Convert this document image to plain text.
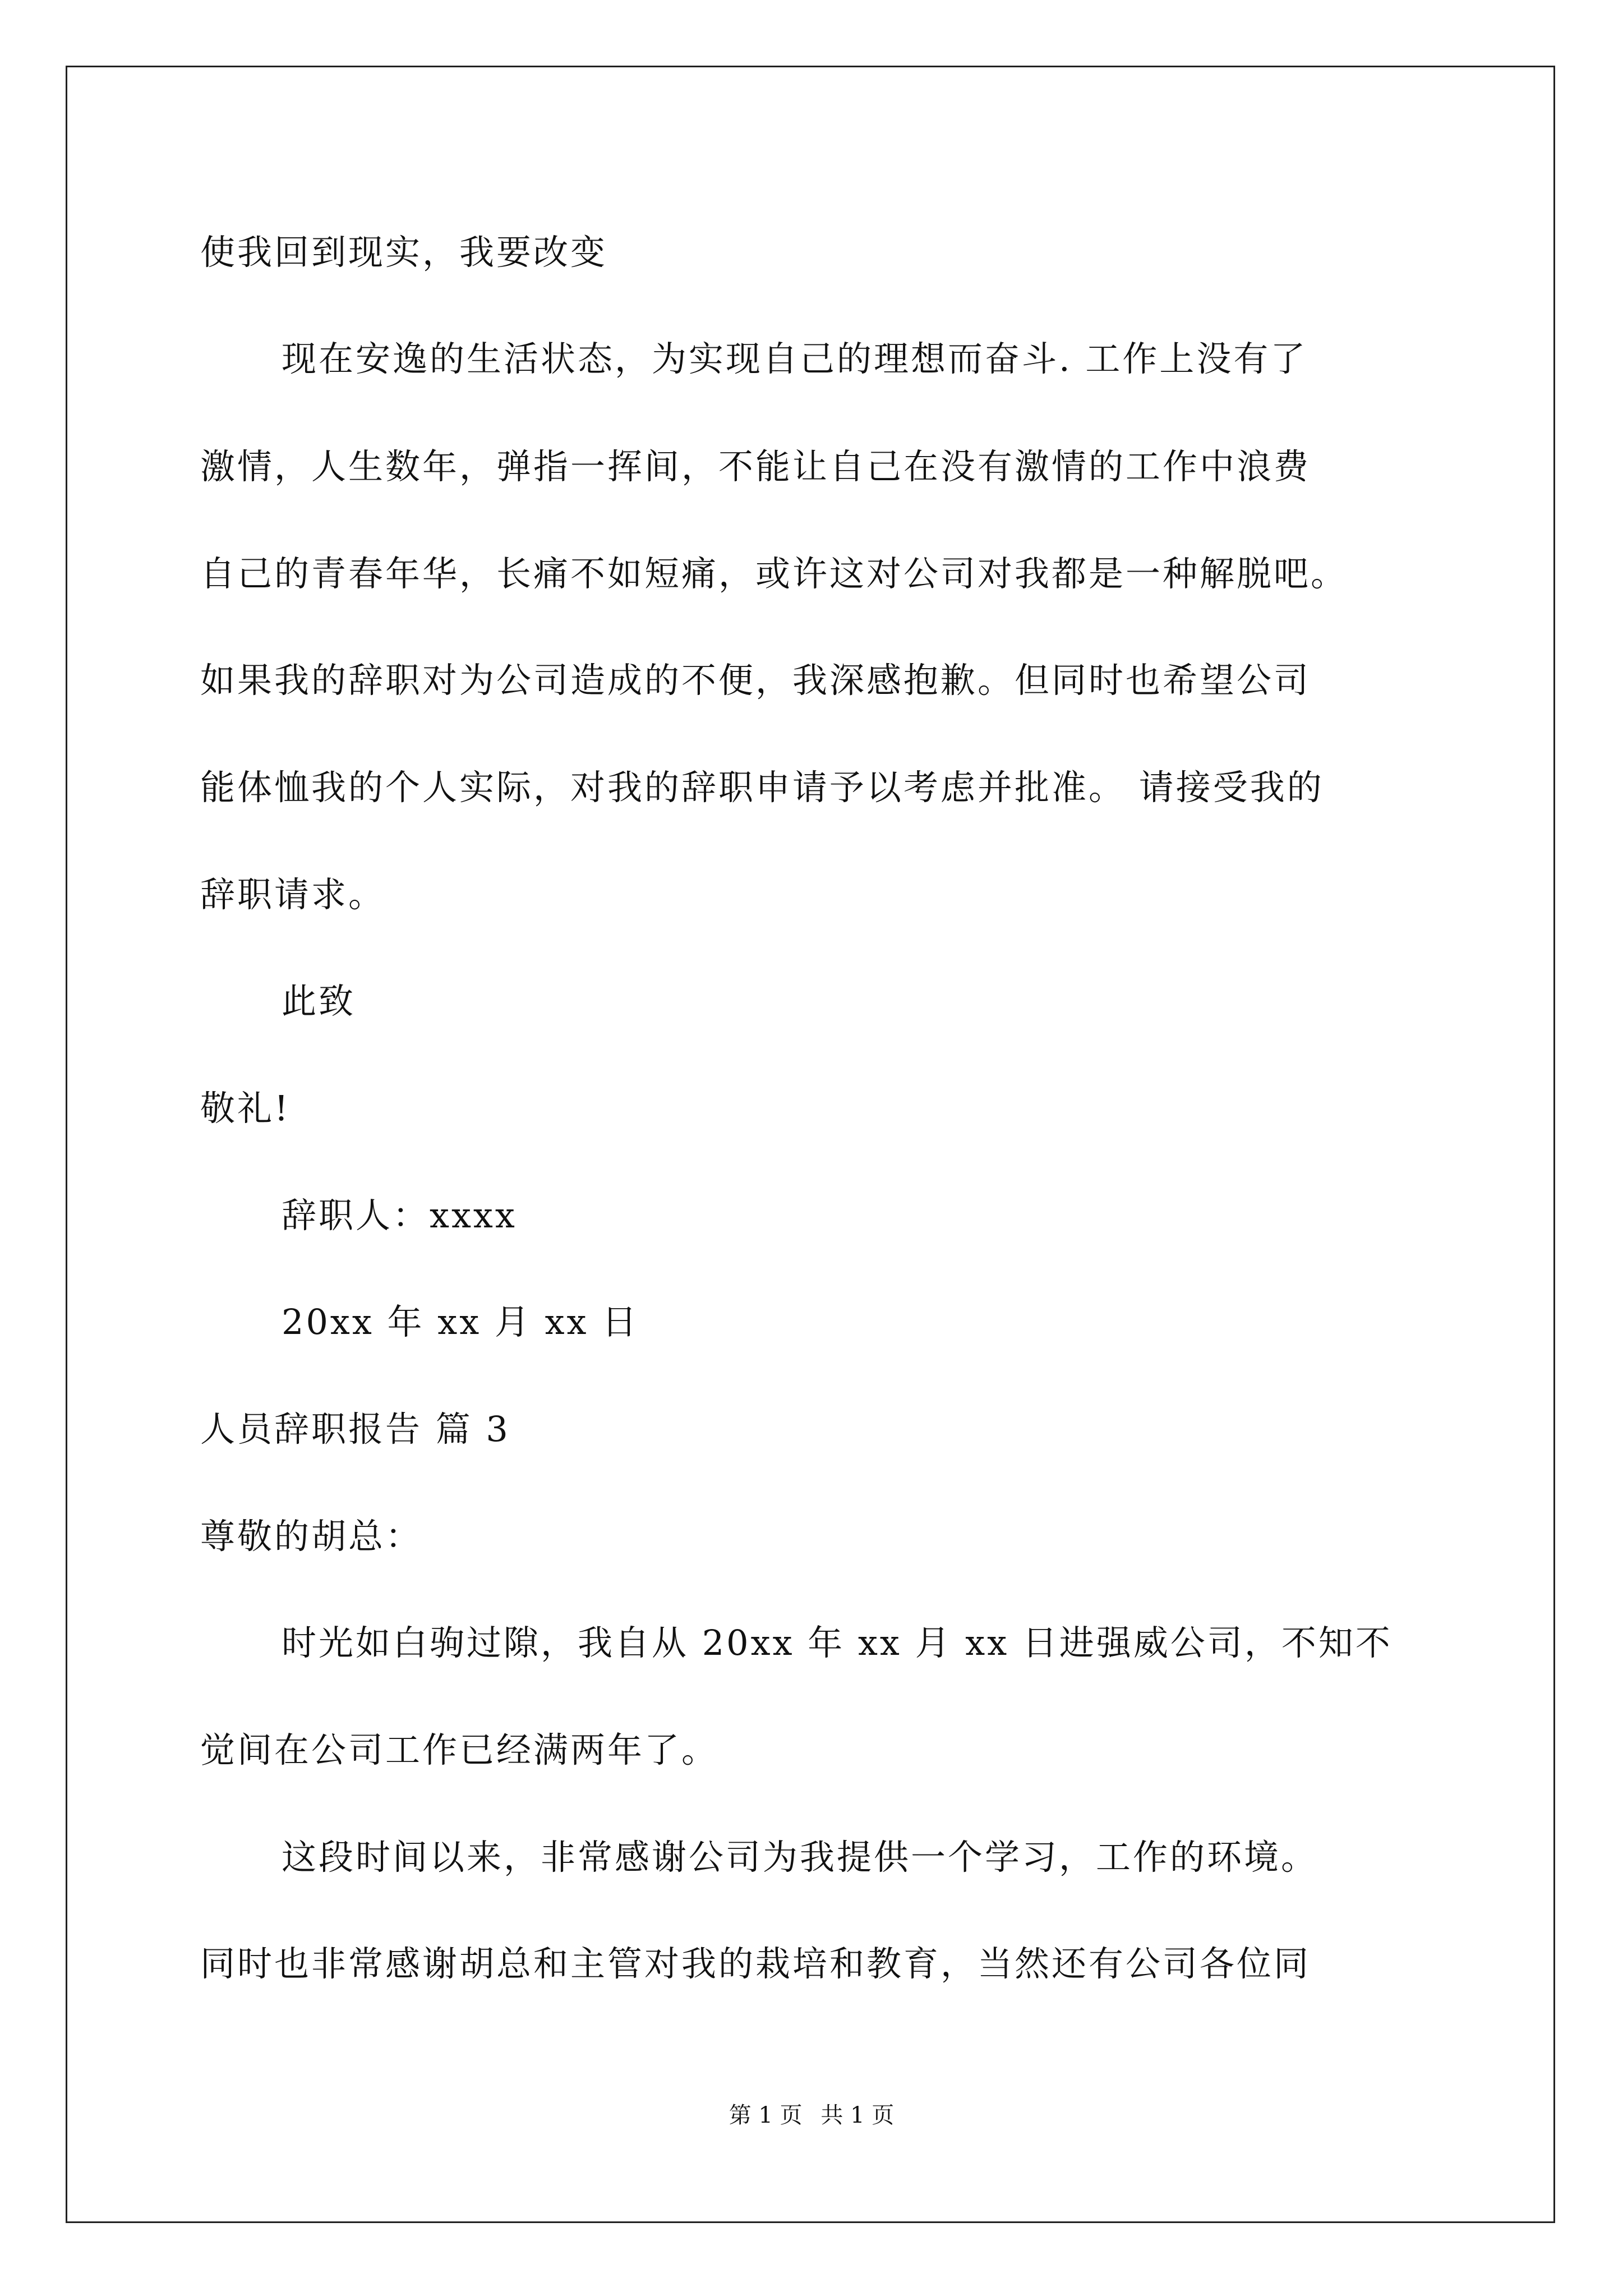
使我回到现实，我要改变
现在安逸的生活状态，为实现自己的理想而奋斗. 工作上没有了
激情，人生数年，弹指一挥间，不能让自己在没有激情的工作中浪费
自己的青春年华，长痛不如短痛，或许这对公司对我都是一种解脱吧。
如果我的辞职对为公司造成的不便，我深感抱歉。但同时也希望公司
能体恤我的个人实际，对我的辞职申请予以考虑并批准。 请接受我的
辞职请求。
此致
敬礼!
辞职人：xxxx
20xx 年 xx 月 xx 日
人员辞职报告 篇 3
尊敬的胡总：
时光如白驹过隙，我自从 20xx 年 xx 月 xx 日进强威公司，不知不
觉间在公司工作已经满两年了。
这段时间以来，非常感谢公司为我提供一个学习，工作的环境。
同时也非常感谢胡总和主管对我的栽培和教育，当然还有公司各位同
第 1 页 共 1 页
